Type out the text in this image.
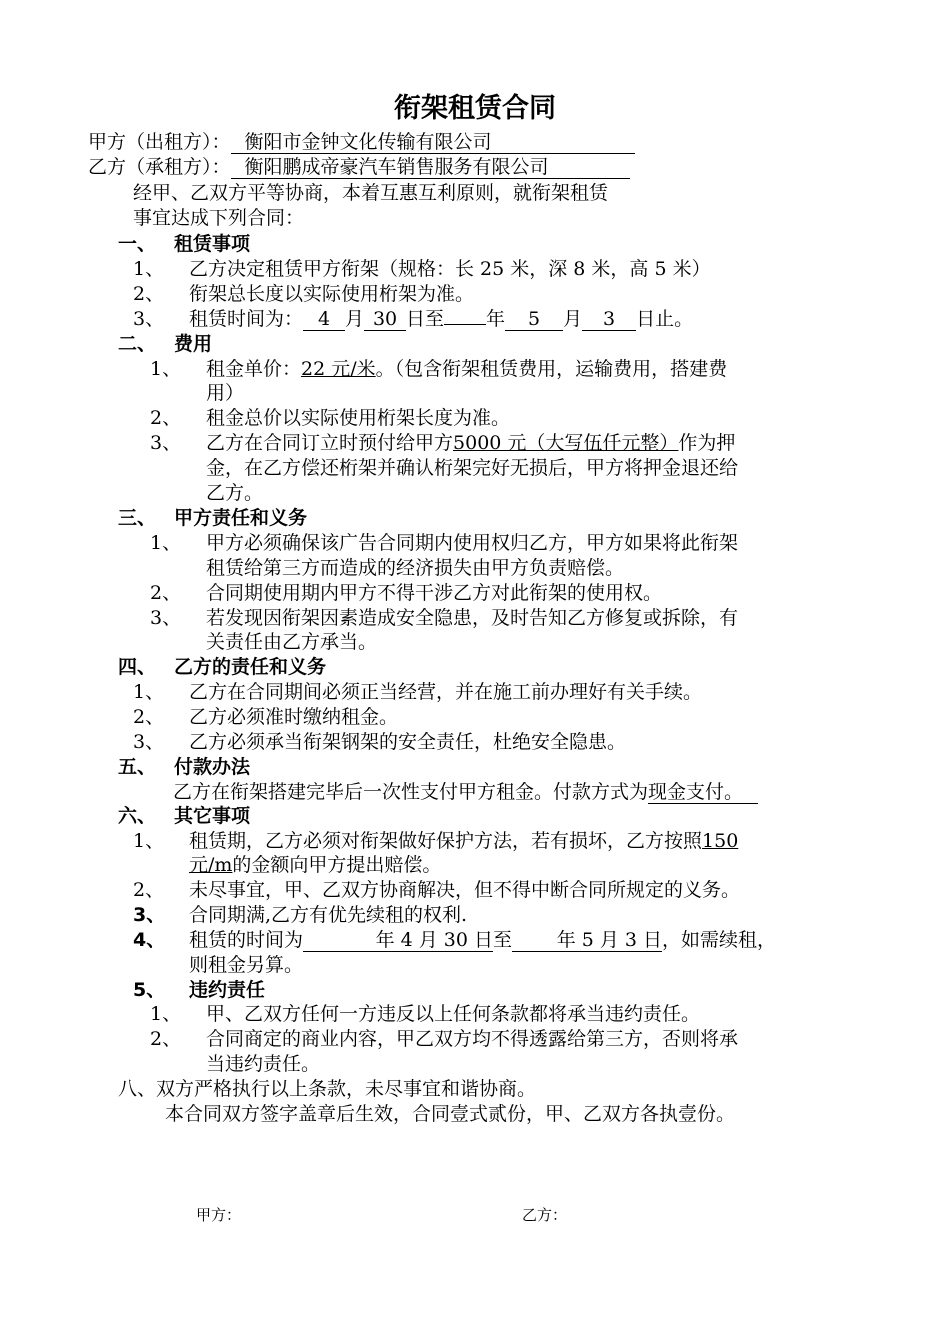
衔架租赁合同
甲方（出租方）： 衡阳市金钟文化传输有限公司
乙方（承租方）： 衡阳鹏成帝豪汽车销售服务有限公司
经甲、乙双方平等协商，本着互惠互利原则，就衔架租赁
事宜达成下列合同：
一、 租赁事项
1、 乙方决定租赁甲方衔架（规格：长 25 米，深 8 米，高 5 米）
2、 衔架总长度以实际使用桁架为准。
3、 租赁时间为： 4 月 30 日至 年 5 月 3 日止。
二、 费用
1、 租金单价：22 元/米。（包含衔架租赁费用，运输费用，搭建费
用）
2、 租金总价以实际使用桁架长度为准。
3、 乙方在合同订立时预付给甲方5000 元（大写伍仟元整）作为押
金，在乙方偿还桁架并确认桁架完好无损后，甲方将押金退还给
乙方。
三、 甲方责任和义务
1、 甲方必须确保该广告合同期内使用权归乙方，甲方如果将此衔架
租赁给第三方而造成的经济损失由甲方负责赔偿。
2、 合同期使用期内甲方不得干涉乙方对此衔架的使用权。
3、 若发现因衔架因素造成安全隐患，及时告知乙方修复或拆除，有
关责任由乙方承当。
四、 乙方的责任和义务
1、 乙方在合同期间必须正当经营，并在施工前办理好有关手续。
2、 乙方必须准时缴纳租金。
3、 乙方必须承当衔架钢架的安全责任，杜绝安全隐患。
五、 付款办法
乙方在衔架搭建完毕后一次性支付甲方租金。付款方式为现金支付。
六、 其它事项
1、 租赁期，乙方必须对衔架做好保护方法，若有损坏，乙方按照150
元/m的金额向甲方提出赔偿。
2、 未尽事宜，甲、乙双方协商解决，但不得中断合同所规定的义务。
3、 合同期满,乙方有优先续租的权利.
4、 租赁的时间为	年 4 月 30 日至 年 5 月 3 日，如需续租，
则租金另算。
5、 违约责任
1、 甲、乙双方任何一方违反以上任何条款都将承当违约责任。
2、 合同商定的商业内容，甲乙双方均不得透露给第三方，否则将承
当违约责任。
八、双方严格执行以上条款，未尽事宜和谐协商。
本合同双方签字盖章后生效，合同壹式贰份，甲、乙双方各执壹份。
甲方：	乙方：
